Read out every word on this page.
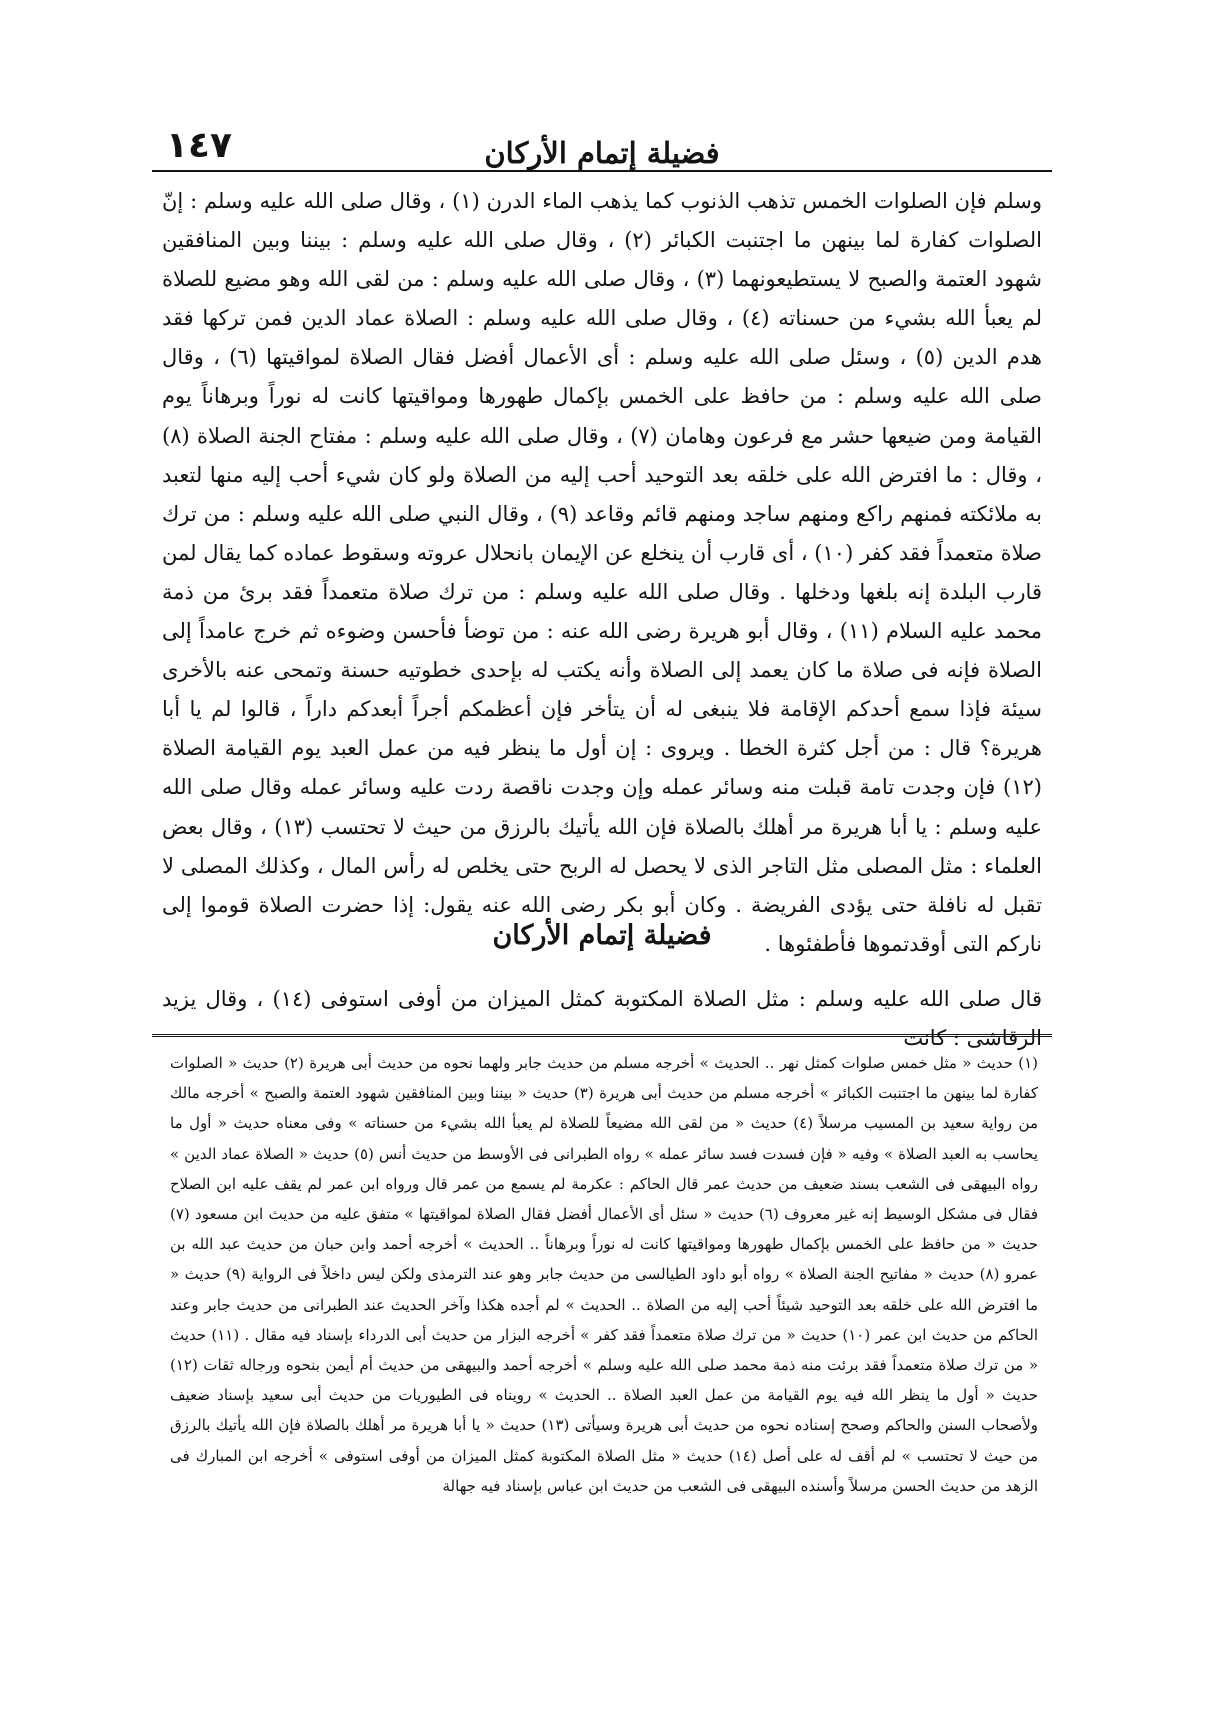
فضيلة إتمام الأركان
١٤٧

وسلم فإن الصلوات الخمس تذهب الذنوب كما يذهب الماء الدرن (١) ، وقال صلى الله عليه وسلم : إنّ الصلوات كفارة لما بينهن ما اجتنبت الكبائر (٢) ، وقال صلى الله عليه وسلم : بيننا وبين المنافقين شهود العتمة والصبح لا يستطيعونهما (٣) ، وقال صلى الله عليه وسلم : من لقى الله وهو مضيع للصلاة لم يعبأ الله بشيء من حسناته (٤) ، وقال صلى الله عليه وسلم : الصلاة عماد الدين فمن تركها فقد هدم الدين (٥) ، وسئل صلى الله عليه وسلم : أى الأعمال أفضل فقال الصلاة لمواقيتها (٦) ، وقال صلى الله عليه وسلم : من حافظ على الخمس بإكمال طهورها ومواقيتها كانت له نوراً وبرهاناً يوم القيامة ومن ضيعها حشر مع فرعون وهامان (٧) ، وقال صلى الله عليه وسلم : مفتاح الجنة الصلاة (٨) ، وقال : ما افترض الله على خلقه بعد التوحيد أحب إليه من الصلاة ولو كان شيء أحب إليه منها لتعبد به ملائكته فمنهم راكع ومنهم ساجد ومنهم قائم وقاعد (٩) ، وقال النبي صلى الله عليه وسلم : من ترك صلاة متعمداً فقد كفر (١٠) ، أى قارب أن ينخلع عن الإيمان بانحلال عروته وسقوط عماده كما يقال لمن قارب البلدة إنه بلغها ودخلها . وقال صلى الله عليه وسلم : من ترك صلاة متعمداً فقد برئ من ذمة محمد عليه السلام (١١) ، وقال أبو هريرة رضى الله عنه : من توضأ فأحسن وضوءه ثم خرج عامداً إلى الصلاة فإنه فى صلاة ما كان يعمد إلى الصلاة وأنه يكتب له بإحدى خطوتيه حسنة وتمحى عنه بالأخرى سيئة فإذا سمع أحدكم الإقامة فلا ينبغى له أن يتأخر فإن أعظمكم أجراً أبعدكم داراً ، قالوا لم يا أبا هريرة؟ قال : من أجل كثرة الخطا . ويروى : إن أول ما ينظر فيه من عمل العبد يوم القيامة الصلاة (١٢) فإن وجدت تامة قبلت منه وسائر عمله وإن وجدت ناقصة ردت عليه وسائر عمله وقال صلى الله عليه وسلم : يا أبا هريرة مر أهلك بالصلاة فإن الله يأتيك بالرزق من حيث لا تحتسب (١٣) ، وقال بعض العلماء : مثل المصلى مثل التاجر الذى لا يحصل له الربح حتى يخلص له رأس المال ، وكذلك المصلى لا تقبل له نافلة حتى يؤدى الفريضة . وكان أبو بكر رضى الله عنه يقول: إذا حضرت الصلاة قوموا إلى ناركم التى أوقدتموها فأطفئوها .

فضيلة إتمام الأركان

قال صلى الله عليه وسلم : مثل الصلاة المكتوبة كمثل الميزان من أوفى استوفى (١٤) ، وقال يزيد الرقاشى : كانت

(١) حديث « مثل خمس صلوات كمثل نهر .. الحديث » أخرجه مسلم من حديث جابر ولهما نحوه من حديث أبى هريرة (٢) حديث « الصلوات كفارة لما بينهن ما اجتنبت الكبائر » أخرجه مسلم من حديث أبى هريرة (٣) حديث « بيننا وبين المنافقين شهود العتمة والصبح » أخرجه مالك من رواية سعيد بن المسيب مرسلاً (٤) حديث « من لقى الله مضيعاً للصلاة لم يعبأ الله بشيء من حسناته » وفى معناه حديث « أول ما يحاسب به العبد الصلاة » وفيه « فإن فسدت فسد سائر عمله » رواه الطبرانى فى الأوسط من حديث أنس (٥) حديث « الصلاة عماد الدين » رواه البيهقى فى الشعب بسند ضعيف من حديث عمر قال الحاكم : عكرمة لم يسمع من عمر قال ورواه ابن عمر لم يقف عليه ابن الصلاح فقال فى مشكل الوسيط إنه غير معروف (٦) حديث « سئل أى الأعمال أفضل فقال الصلاة لمواقيتها » متفق عليه من حديث ابن مسعود (٧) حديث « من حافظ على الخمس بإكمال طهورها ومواقيتها كانت له نوراً وبرهاناً .. الحديث » أخرجه أحمد وابن حبان من حديث عبد الله بن عمرو (٨) حديث « مفاتيح الجنة الصلاة » رواه أبو داود الطيالسى من حديث جابر وهو عند الترمذى ولكن ليس داخلاً فى الرواية (٩) حديث « ما افترض الله على خلقه بعد التوحيد شيئاً أحب إليه من الصلاة .. الحديث » لم أجده هكذا وآخر الحديث عند الطبرانى من حديث جابر وعند الحاكم من حديث ابن عمر (١٠) حديث « من ترك صلاة متعمداً فقد كفر » أخرجه البزار من حديث أبى الدرداء بإسناد فيه مقال . (١١) حديث « من ترك صلاة متعمداً فقد برئت منه ذمة محمد صلى الله عليه وسلم » أخرجه أحمد والبيهقى من حديث أم أيمن بنحوه ورجاله ثقات (١٢) حديث « أول ما ينظر الله فيه يوم القيامة من عمل العبد الصلاة .. الحديث » رويناه فى الطيوريات من حديث أبى سعيد بإسناد ضعيف ولأصحاب السنن والحاكم وصحح إسناده نحوه من حديث أبى هريرة وسيأتى (١٣) حديث « يا أبا هريرة مر أهلك بالصلاة فإن الله يأتيك بالرزق من حيث لا تحتسب » لم أقف له على أصل (١٤) حديث « مثل الصلاة المكتوبة كمثل الميزان من أوفى استوفى » أخرجه ابن المبارك فى الزهد من حديث الحسن مرسلاً وأسنده البيهقى فى الشعب من حديث ابن عباس بإسناد فيه جهالة
